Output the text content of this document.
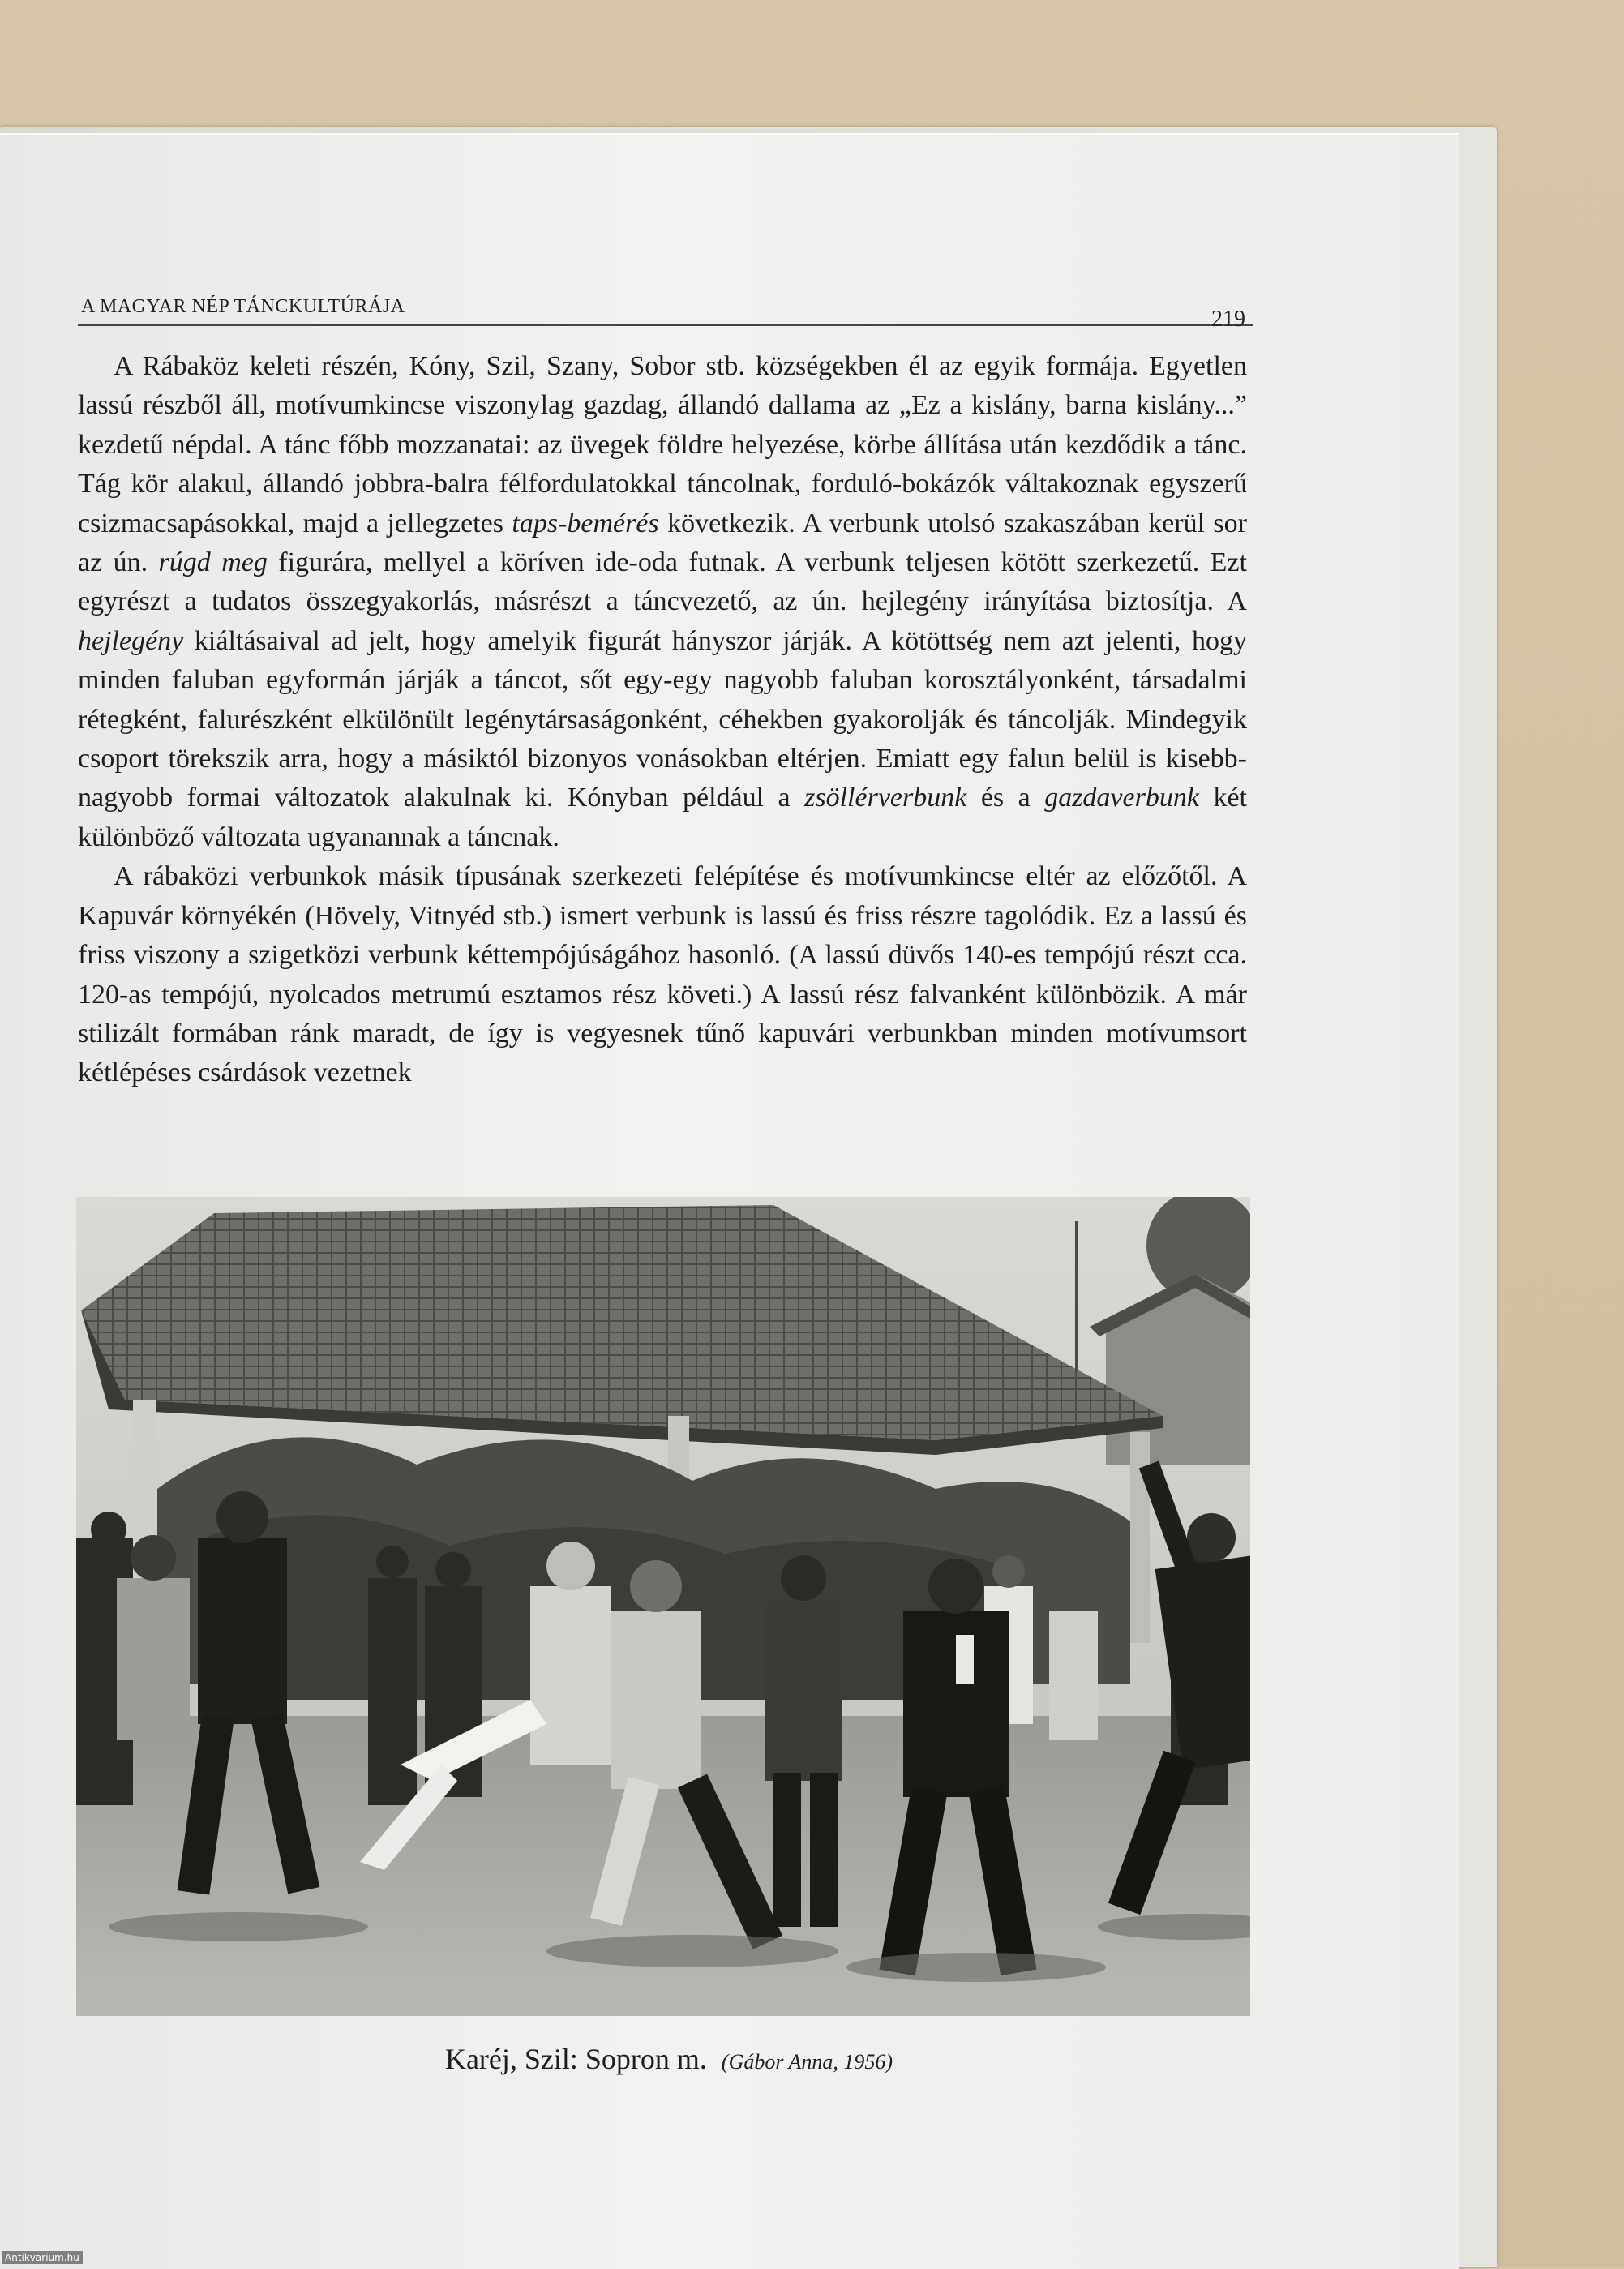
A MAGYAR NÉP TÁNCKULTÚRÁJA	219

A Rábaköz keleti részén, Kóny, Szil, Szany, Sobor stb. községekben él az egyik formája. Egyetlen lassú részből áll, motívumkincse viszonylag gazdag, állandó dallama az „Ez a kislány, barna kislány...” kezdetű népdal. A tánc főbb mozzanatai: az üvegek földre helyezése, körbe állítása után kezdődik a tánc. Tág kör alakul, állandó jobbra-balra félfordulatokkal táncolnak, forduló-bokázók váltakoznak egyszerű csizmacsapásokkal, majd a jellegzetes taps-bemérés következik. A verbunk utolsó szakaszában kerül sor az ún. rúgd meg figurára, mellyel a köríven ide-oda futnak. A verbunk teljesen kötött szerkezetű. Ezt egyrészt a tudatos összegyakorlás, másrészt a táncvezető, az ún. hejlegény irányítása biztosítja. A hejlegény kiáltásaival ad jelt, hogy amelyik figurát hányszor járják. A kötöttség nem azt jelenti, hogy minden faluban egyformán járják a táncot, sőt egy-egy nagyobb faluban korosztályonként, társadalmi rétegként, falurészként elkülönült legénytársaságonként, céhekben gyakorolják és táncolják. Mindegyik csoport törekszik arra, hogy a másiktól bizonyos vonásokban eltérjen. Emiatt egy falun belül is kisebb-nagyobb formai változatok alakulnak ki. Kónyban például a zsöllérverbunk és a gazdaverbunk két különböző változata ugyanannak a táncnak.

A rábaközi verbunkok másik típusának szerkezeti felépítése és motívumkincse eltér az előzőtől. A Kapuvár környékén (Hövely, Vitnyéd stb.) ismert verbunk is lassú és friss részre tagolódik. Ez a lassú és friss viszony a szigetközi verbunk kéttempójúságához hasonló. (A lassú düvős 140-es tempójú részt cca. 120-as tempójú, nyolcados metrumú esztamos rész követi.) A lassú rész falvanként különbözik. A már stilizált formában ránk maradt, de így is vegyesnek tűnő kapuvári verbunkban minden motívumsort kétlépéses csárdások vezetnek

Karéj, Szil: Sopron m. (Gábor Anna, 1956)
Antikvarium.hu
